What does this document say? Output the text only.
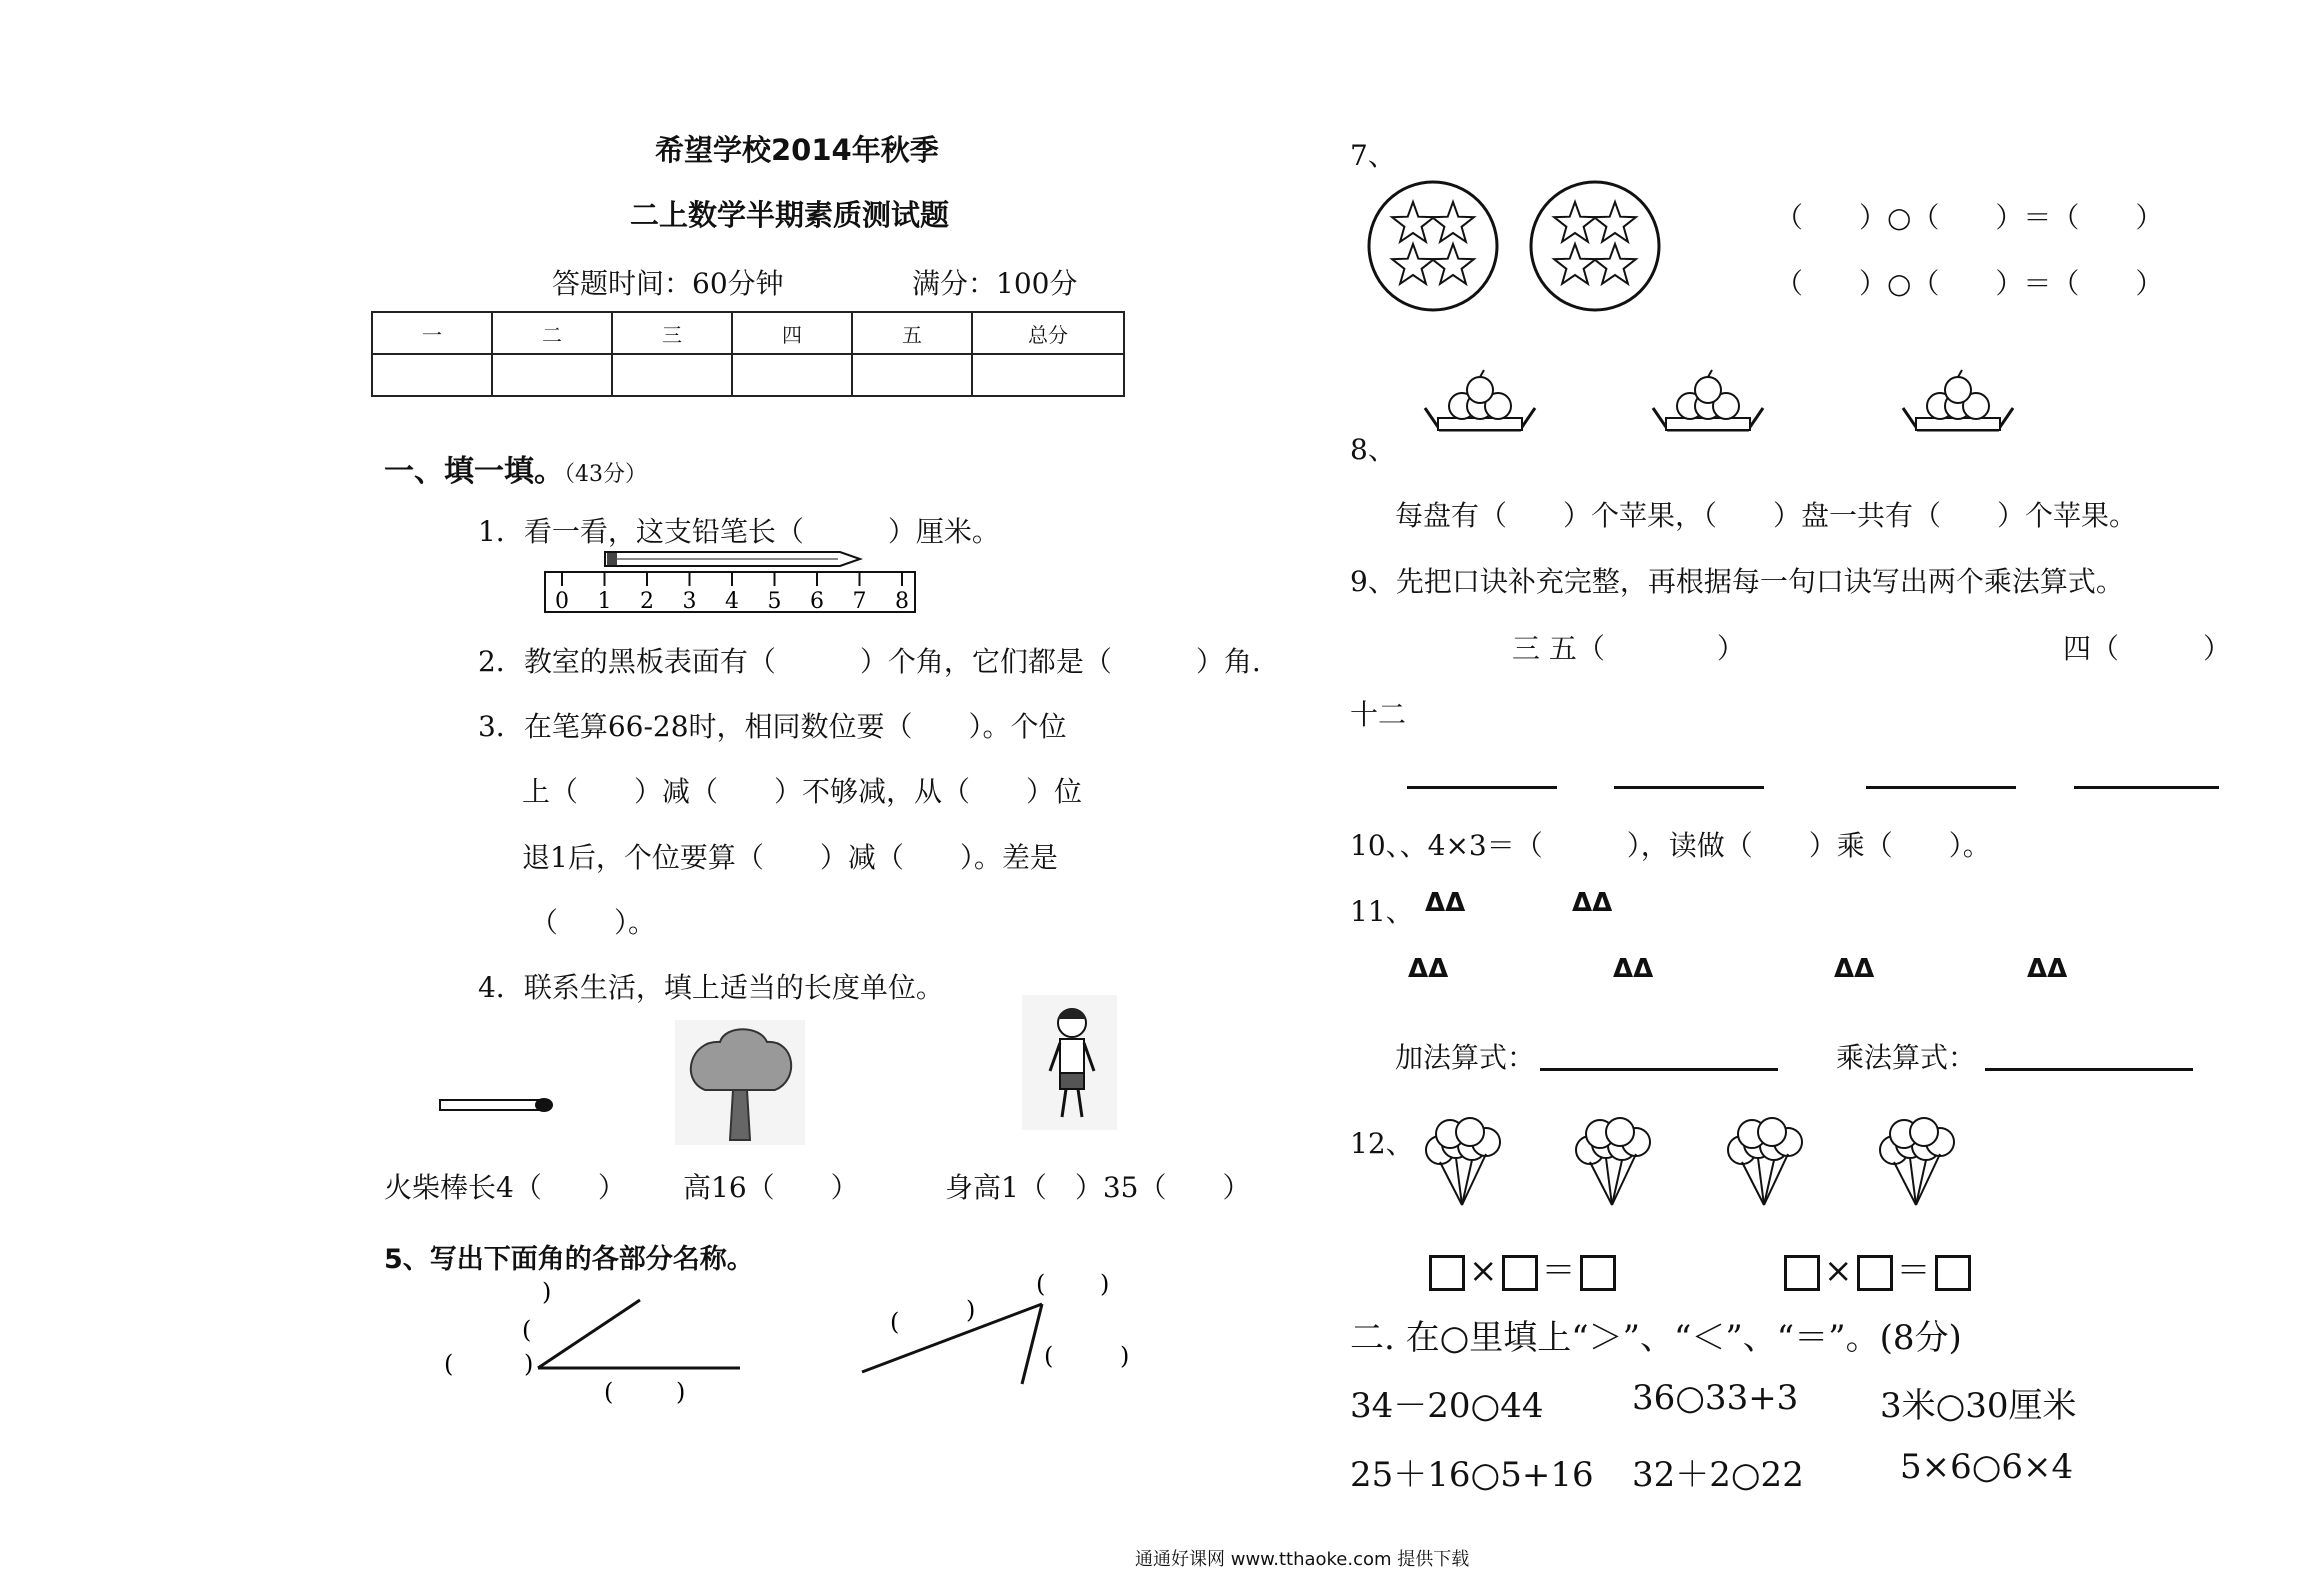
希望学校2014年秋季
二上数学半期素质测试题
答题时间：60分钟	满分：100分
一	二	三	四	五	总分

一、填一填。（43分）
1．看一看，这支铅笔长（　　　）厘米。
0 1 2 3 4 5 6 7 8
2．教室的黑板表面有（　　　）个角，它们都是（　　　）角.
3．在笔算66-28时，相同数位要（　　）。个位
上（　　）减（　　）不够减，从（　　）位
退1后，个位要算（　　）减（　　）。差是
（　　）。
4．联系生活，填上适当的长度单位。
火柴棒长4（　　） 高16（　　）	身高1（　）35（　　）
5、写出下面角的各部分名称。
)
(
)
(
(	)
(	)
( )
(	)
7、
（　　）○（　　）＝（　　）
（　　）○（　　）＝（　　）
8、
每盘有（　　）个苹果，（　　）盘一共有（　　）个苹果。
9、先把口诀补充完整，再根据每一句口诀写出两个乘法算式。
三 五（　　　　）	四（　　　）
十二
10、、4×3＝（　　　），读做（　　）乘（　　）。
11、 ΔΔ	ΔΔ
ΔΔ	ΔΔ	ΔΔ	ΔΔ
加法算式：	乘法算式：
12、
× ＝	× ＝
二. 在○里填上“＞”、“＜”、“＝”。(8分)
34－20○44	36○33+3 3米○30厘米
25＋16○5+16 32＋2○22	5×6○6×4
通通好课网 www.tthaoke.com 提供下载
